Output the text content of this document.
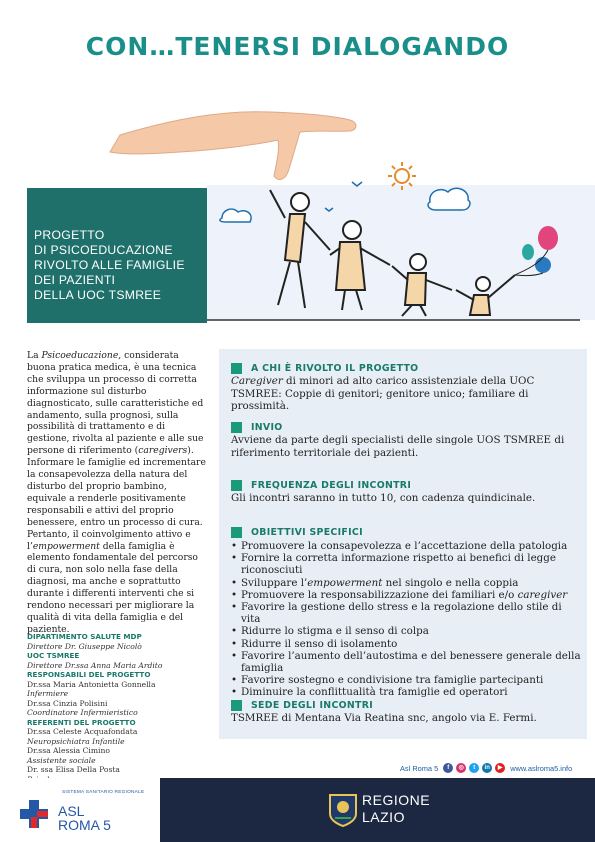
CON…TENERSI DIALOGANDO
PROGETTO
DI PSICOEDUCAZIONE
RIVOLTO ALLE FAMIGLIE
DEI PAZIENTI
DELLA UOC TSMREE

La Psicoeducazione, considerata buona pratica medica, è una tecnica che sviluppa un processo di corretta informazione sul disturbo diagnosticato, sulle caratteristiche ed andamento, sulla prognosi, sulla possibilità di trattamento e di gestione, rivolta al paziente e alle sue persone di riferimento (caregivers). Informare le famiglie ed incrementare la consapevolezza della natura del disturbo del proprio bambino, equivale a renderle positivamente responsabili e attivi del proprio benessere, entro un processo di cura.

Pertanto, il coinvolgimento attivo e l’empowerment della famiglia è elemento fondamentale del percorso di cura, non solo nella fase della diagnosi, ma anche e soprattutto durante i differenti interventi che si rendono necessari per migliorare la qualità di vita della famiglia e del paziente.

DIPARTIMENTO SALUTE MDP
Direttore Dr. Giuseppe Nicolò
UOC TSMREE
Direttore Dr.ssa Anna Maria Ardito
RESPONSABILI DEL PROGETTO
Dr.ssa Maria Antonietta Gonnella
Infermiere
Dr.ssa Cinzia Polisini
Coordinatore Infermieristico
REFERENTI DEL PROGETTO
Dr.ssa Celeste Acquafondata
Neuropsichiatra Infantile
Dr.ssa Alessia Cimino
Assistente sociale
Dr. ssa Elisa Della Posta
A CHI È RIVOLTO IL PROGETTO
Caregiver di minori ad alto carico assistenziale della UOC TSMREE: Coppie di genitori; genitore unico; familiare di prossimità.
INVIO
Avviene da parte degli specialisti delle singole UOS TSMREE di riferimento territoriale dei pazienti.
FREQUENZA DEGLI INCONTRI
Gli incontri saranno in tutto 10, con cadenza quindicinale.
OBIETTIVI SPECIFICI
• Promuovere la consapevolezza e l’accettazione della patologia
• Fornire la corretta informazione rispetto ai benefici di legge riconosciuti
• Sviluppare l’empowerment nel singolo e nella coppia
• Promuovere la responsabilizzazione dei familiari e/o caregiver
• Favorire la gestione dello stress e la regolazione dello stile di vita
• Ridurre lo stigma e il senso di colpa
• Ridurre il senso di isolamento
• Favorire l’aumento dell’autostima e del benessere generale della famiglia
• Favorire sostegno e condivisione tra famiglie partecipanti
• Diminuire la conflittualità tra famiglie ed operatori
SEDE DEGLI INCONTRI
TSMREE di Mentana Via Reatina snc, angolo via E. Fermi.
Asl Roma 5	f	◎	t	in	▶	www.aslroma5.info
SISTEMA SANITARIO REGIONALE
ASL
ROMA 5
REGIONE
LAZIO
